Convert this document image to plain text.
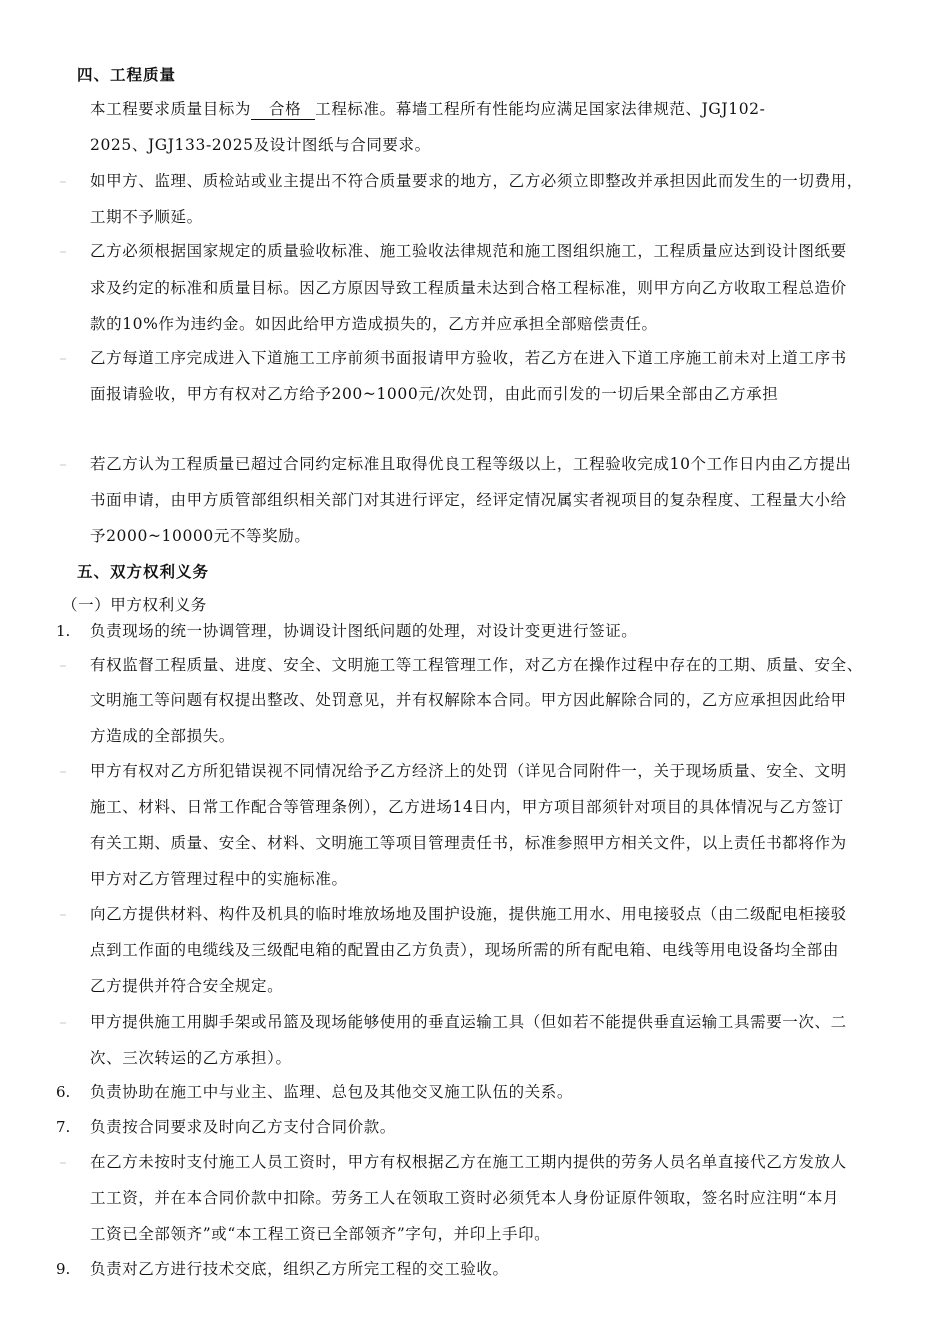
四、工程质量
本工程要求质量目标为 合格 工程标准。幕墙工程所有性能均应满足国家法律规范、JGJ102-
2025、JGJ133-2025及设计图纸与合同要求。
如甲方、监理、质检站或业主提出不符合质量要求的地方，乙方必须立即整改并承担因此而发生的一切费用，
工期不予顺延。
乙方必须根据国家规定的质量验收标准、施工验收法律规范和施工图组织施工，工程质量应达到设计图纸要
求及约定的标准和质量目标。因乙方原因导致工程质量未达到合格工程标准，则甲方向乙方收取工程总造价
款的10%作为违约金。如因此给甲方造成损失的，乙方并应承担全部赔偿责任。
乙方每道工序完成进入下道施工工序前须书面报请甲方验收，若乙方在进入下道工序施工前未对上道工序书
面报请验收，甲方有权对乙方给予200~1000元/次处罚，由此而引发的一切后果全部由乙方承担
若乙方认为工程质量已超过合同约定标准且取得优良工程等级以上，工程验收完成10个工作日内由乙方提出
书面申请，由甲方质管部组织相关部门对其进行评定，经评定情况属实者视项目的复杂程度、工程量大小给
予2000~10000元不等奖励。
五、双方权利义务
（一）甲方权利义务
1. 负责现场的统一协调管理，协调设计图纸问题的处理，对设计变更进行签证。
有权监督工程质量、进度、安全、文明施工等工程管理工作，对乙方在操作过程中存在的工期、质量、安全、
文明施工等问题有权提出整改、处罚意见，并有权解除本合同。甲方因此解除合同的，乙方应承担因此给甲
方造成的全部损失。
甲方有权对乙方所犯错误视不同情况给予乙方经济上的处罚（详见合同附件一，关于现场质量、安全、文明
施工、材料、日常工作配合等管理条例），乙方进场14日内，甲方项目部须针对项目的具体情况与乙方签订
有关工期、质量、安全、材料、文明施工等项目管理责任书，标准参照甲方相关文件，以上责任书都将作为
甲方对乙方管理过程中的实施标准。
向乙方提供材料、构件及机具的临时堆放场地及围护设施，提供施工用水、用电接驳点（由二级配电柜接驳
点到工作面的电缆线及三级配电箱的配置由乙方负责），现场所需的所有配电箱、电线等用电设备均全部由
乙方提供并符合安全规定。
甲方提供施工用脚手架或吊篮及现场能够使用的垂直运输工具（但如若不能提供垂直运输工具需要一次、二
次、三次转运的乙方承担）。
6. 负责协助在施工中与业主、监理、总包及其他交叉施工队伍的关系。
7. 负责按合同要求及时向乙方支付合同价款。
在乙方未按时支付施工人员工资时，甲方有权根据乙方在施工工期内提供的劳务人员名单直接代乙方发放人
工工资，并在本合同价款中扣除。劳务工人在领取工资时必须凭本人身份证原件领取，签名时应注明“本月
工资已全部领齐”或“本工程工资已全部领齐”字句，并印上手印。
9. 负责对乙方进行技术交底，组织乙方所完工程的交工验收。
